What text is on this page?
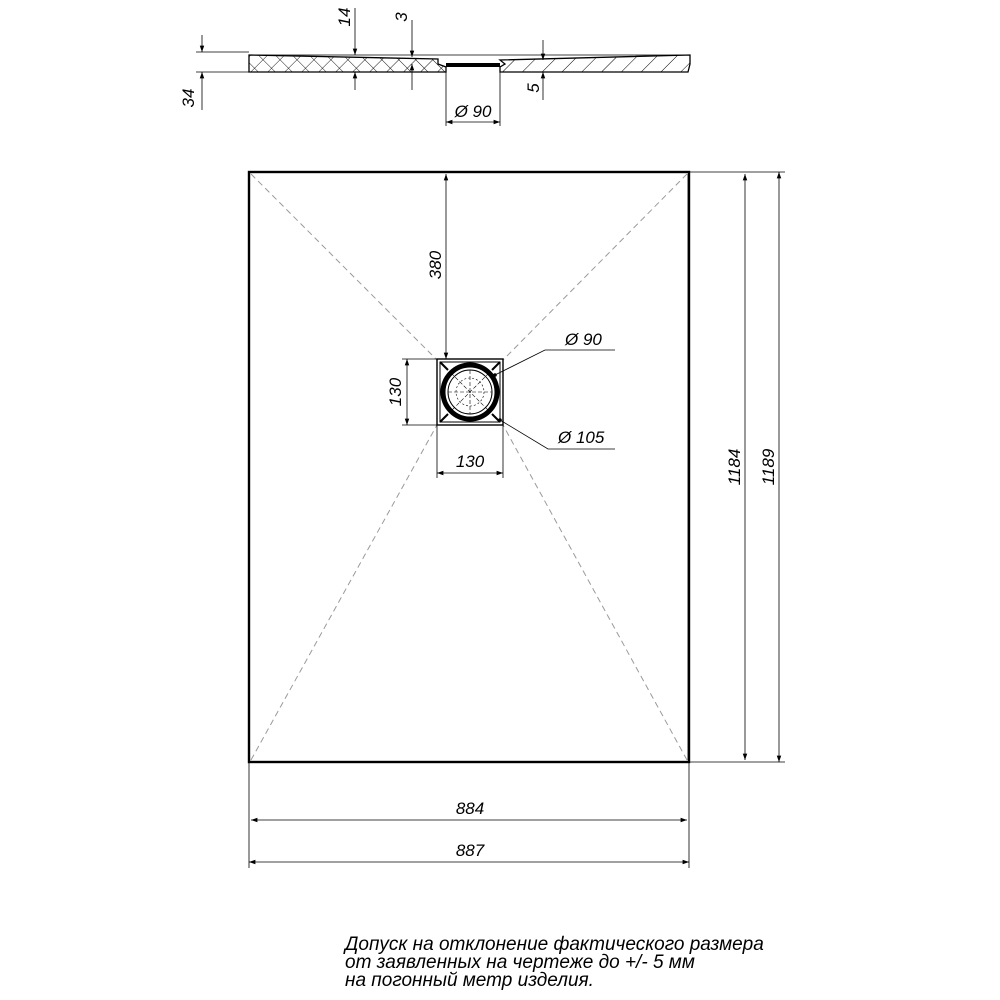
34
14 3
5
Ø 90
380
130
130
Ø 90
Ø 105
1184 1189
884
887

Допуск на отклонение фактического размера
от заявленных на чертеже до +/- 5 мм
на погонный метр изделия.
